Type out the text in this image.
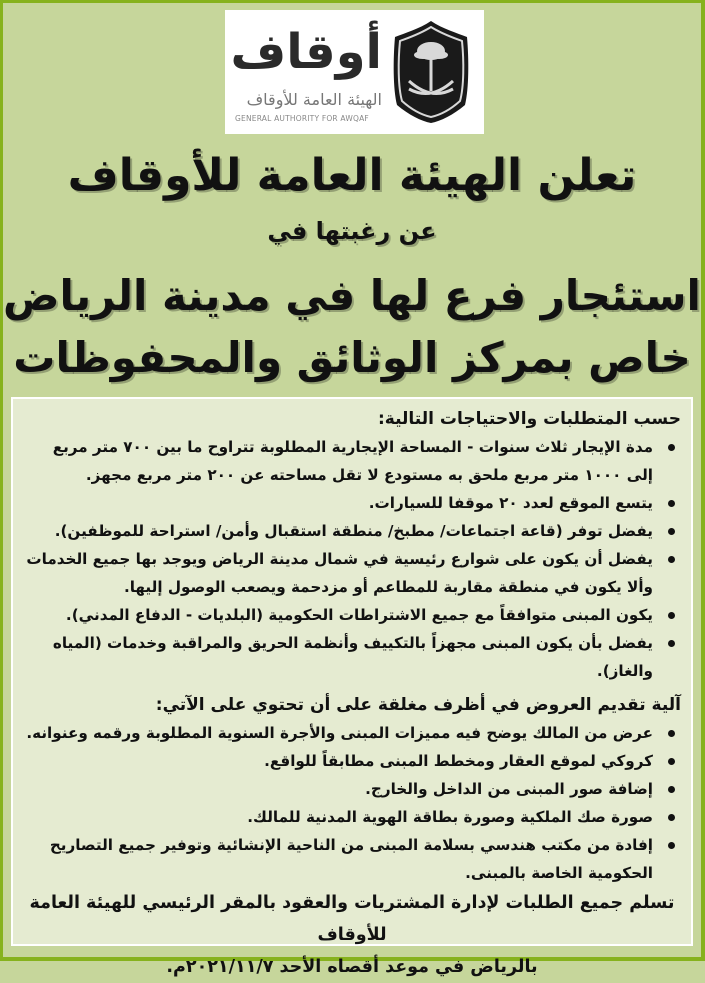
أوقاف
الهيئة العامة للأوقاف
GENERAL AUTHORITY FOR AWQAF
تعلن الهيئة العامة للأوقاف
عن رغبتها في
استئجار فرع لها في مدينة الرياض
خاص بمركز الوثائق والمحفوظات

حسب المتطلبات والاحتياجات التالية:

مدة الإيجار ثلاث سنوات - المساحة الإيجارية المطلوبة تتراوح ما بين ٧٠٠ متر مربع إلى ١٠٠٠ متر مربع ملحق به مستودع لا تقل مساحته عن ٢٠٠ متر مربع مجهز.
يتسع الموقع لعدد ٢٠ موقفا للسيارات.
يفضل توفر (قاعة اجتماعات/ مطبخ/ منطقة استقبال وأمن/ استراحة للموظفين).
يفضل أن يكون على شوارع رئيسية في شمال مدينة الرياض ويوجد بها جميع الخدمات وألا يكون في منطقة مقاربة للمطاعم أو مزدحمة ويصعب الوصول إليها.
يكون المبنى متوافقاً مع جميع الاشتراطات الحكومية (البلديات - الدفاع المدني).
يفضل بأن يكون المبنى مجهزاً بالتكييف وأنظمة الحريق والمراقبة وخدمات (المياه والغاز).

آلية تقديم العروض في أظرف مغلقة على أن تحتوي على الآتي:

عرض من المالك يوضح فيه مميزات المبنى والأجرة السنوية المطلوبة ورقمه وعنوانه.
كروكي لموقع العقار ومخطط المبنى مطابقاً للواقع.
إضافة صور المبنى من الداخل والخارج.
صورة صك الملكية وصورة بطاقة الهوية المدنية للمالك.
إفادة من مكتب هندسي بسلامة المبنى من الناحية الإنشائية وتوفير جميع التصاريح الحكومية الخاصة بالمبنى.
تسلم جميع الطلبات لإدارة المشتريات والعقود بالمقر الرئيسي للهيئة العامة للأوقاف
بالرياض في موعد أقصاه الأحد ٢٠٢١/١١/٧م.
